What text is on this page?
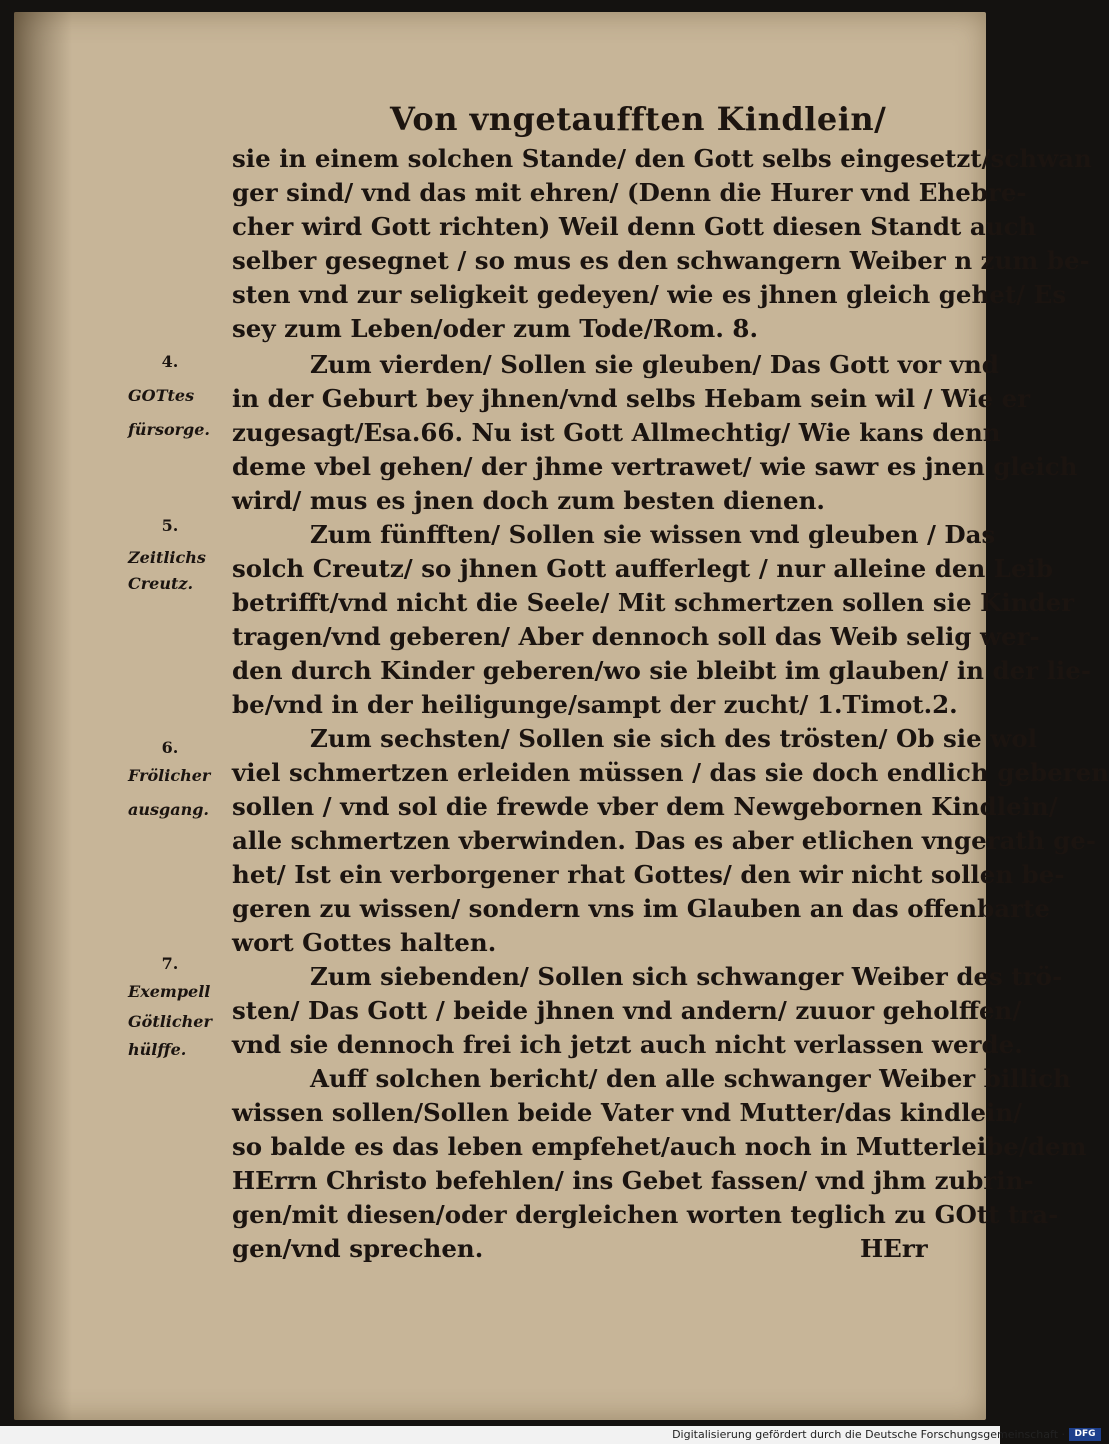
Von vngetaufften Kindlein/
sie in einem solchen Stande/ den Gott selbs eingesetzt/schwan
ger sind/ vnd das mit ehren/ (Denn die Hurer vnd Ehebre-
cher wird Gott richten) Weil denn Gott diesen Standt auch
selber gesegnet / so mus es den schwangern Weiber n zum be-
sten vnd zur seligkeit gedeyen/ wie es jhnen gleich gehet/ Es
sey zum Leben/oder zum Tode/Rom. 8.
Zum vierden/ Sollen sie gleuben/ Das Gott vor vnd
in der Geburt bey jhnen/vnd selbs Hebam sein wil / Wie er
zugesagt/Esa.66. Nu ist Gott Allmechtig/ Wie kans denn
deme vbel gehen/ der jhme vertrawet/ wie sawr es jnen gleich
wird/ mus es jnen doch zum besten dienen.
Zum fünfften/ Sollen sie wissen vnd gleuben / Das
solch Creutz/ so jhnen Gott aufferlegt / nur alleine den Leib
betrifft/vnd nicht die Seele/ Mit schmertzen sollen sie Kinder
tragen/vnd geberen/ Aber dennoch soll das Weib selig wer-
den durch Kinder geberen/wo sie bleibt im glauben/ in der lie-
be/vnd in der heiligunge/sampt der zucht/ 1.Timot.2.
Zum sechsten/ Sollen sie sich des trösten/ Ob sie wol
viel schmertzen erleiden müssen / das sie doch endlich geberen
sollen / vnd sol die frewde vber dem Newgebornen Kindlein/
alle schmertzen vberwinden. Das es aber etlichen vngerath ge-
het/ Ist ein verborgener rhat Gottes/ den wir nicht sollen be-
geren zu wissen/ sondern vns im Glauben an das offenbarte
wort Gottes halten.
Zum siebenden/ Sollen sich schwanger Weiber des trö-
sten/ Das Gott / beide jhnen vnd andern/ zuuor geholffen/
vnd sie dennoch frei ich jetzt auch nicht verlassen werde.
Auff solchen bericht/ den alle schwanger Weiber billich
wissen sollen/Sollen beide Vater vnd Mutter/das kindlein/
so balde es das leben empfehet/auch noch in Mutterleibe/dem
HErrn Christo befehlen/ ins Gebet fassen/ vnd jhm zubrin-
gen/mit diesen/oder dergleichen worten teglich zu GOtt tra-
gen/vnd sprechen.	HErr
4.
GOTtes
fürsorge.
5.
Zeitlichs
Creutz.
6.
Frölicher
ausgang.
7.
Exempell
Götlicher
hülffe.
Digitalisierung gefördert durch die Deutsche Forschungsgemeinschaft ·	DFG
